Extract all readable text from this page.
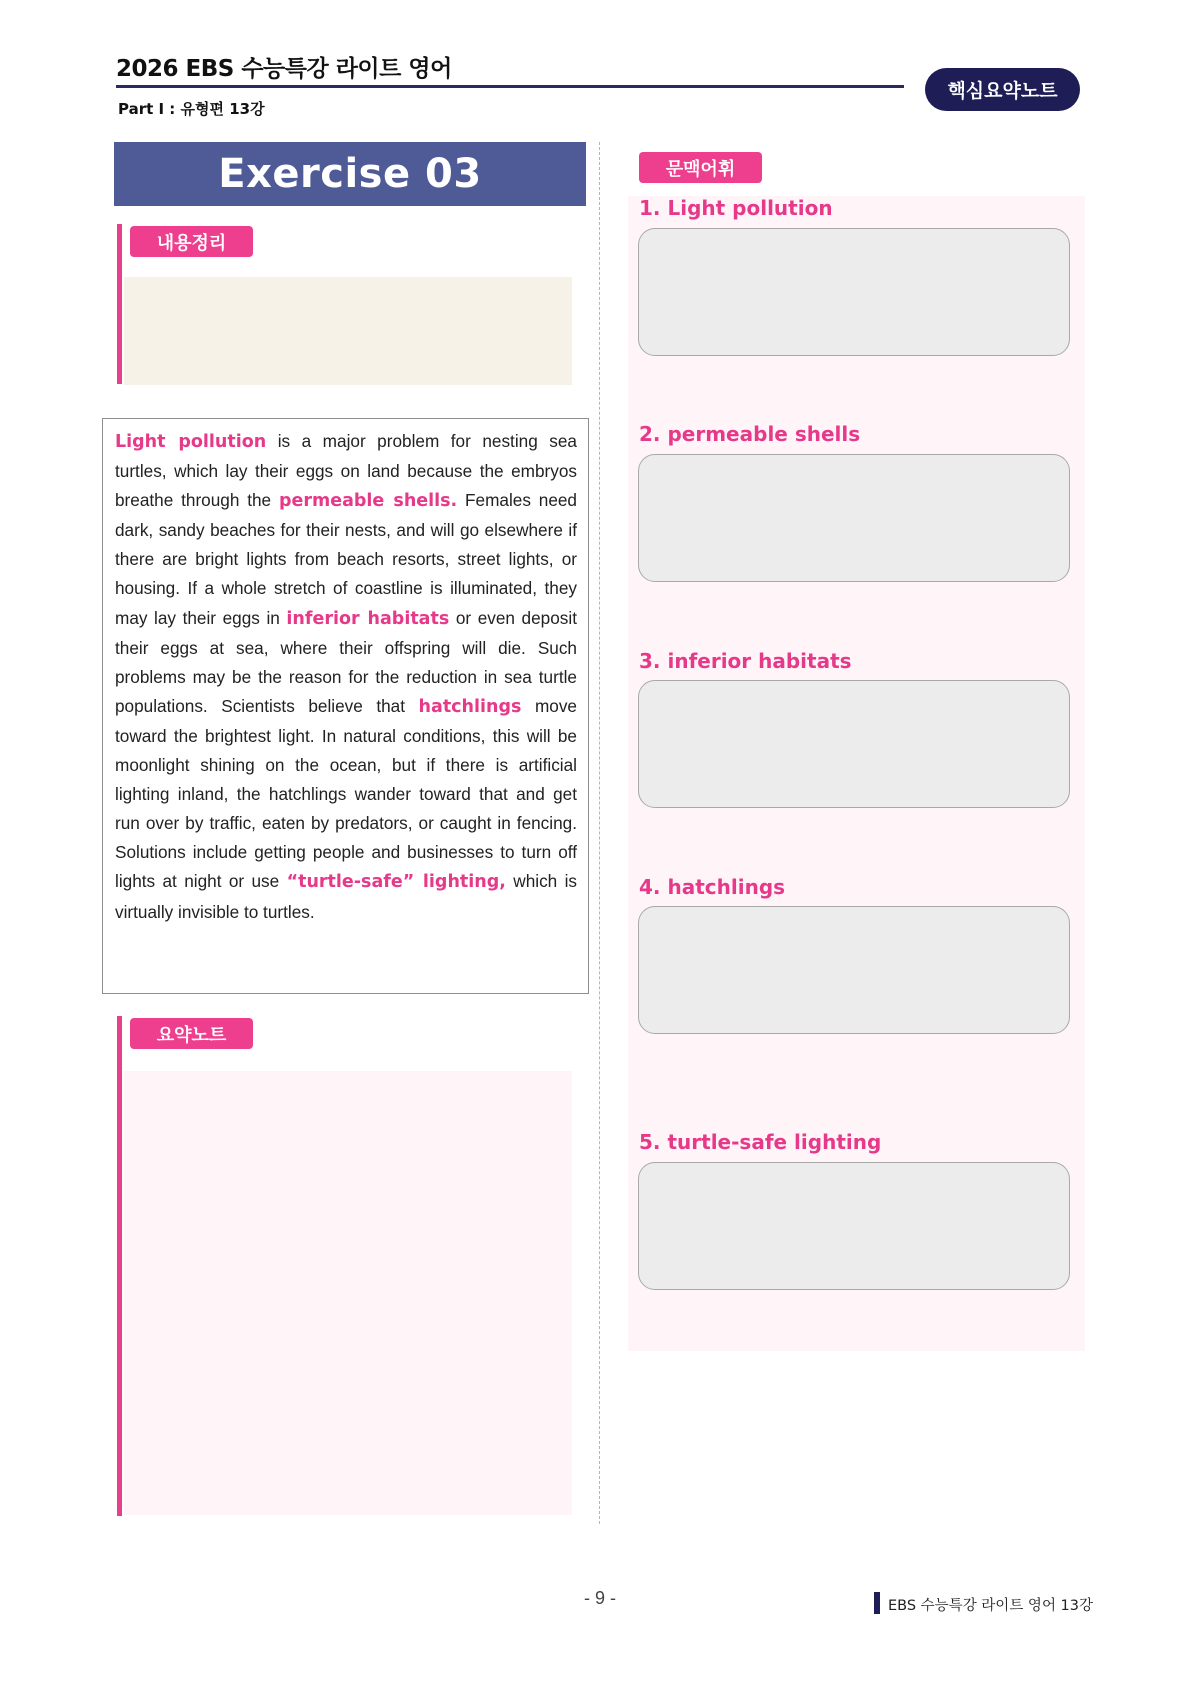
2026 EBS 수능특강 라이트 영어
Part Ⅰ : 유형편 13강
핵심요약노트
Exercise 03
내용정리

Light pollution is a major problem for nesting sea turtles, which lay their eggs on land because the embryos breathe through the permeable shells. Females need dark, sandy beaches for their nests, and will go elsewhere if there are bright lights from beach resorts, street lights, or housing. If a whole stretch of coastline is illuminated, they may lay their eggs in inferior habitats or even deposit their eggs at sea, where their offspring will die. Such problems may be the reason for the reduction in sea turtle populations. Scientists believe that hatchlings move toward the brightest light. In natural conditions, this will be moonlight shining on the ocean, but if there is artificial lighting inland, the hatchlings wander toward that and get run over by traffic, eaten by predators, or caught in fencing. Solutions include getting people and businesses to turn off lights at night or use “turtle-safe” lighting, which is virtually invisible to turtles.

요약노트
문맥어휘
1. Light pollution
2. permeable shells
3. inferior habitats
4. hatchlings
5. turtle-safe lighting
- 9 -	EBS 수능특강 라이트 영어 13강
